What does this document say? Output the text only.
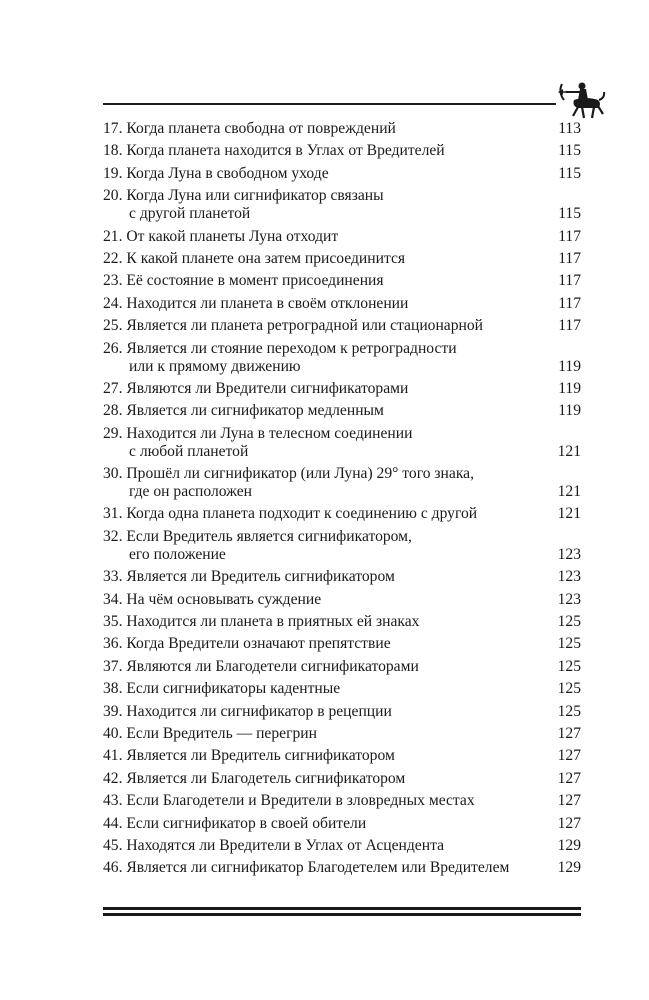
17. Когда планета свободна от повреждений	113
18. Когда планета находится в Углах от Вредителей	115
19. Когда Луна в свободном уходе	115
20. Когда Луна или сигнификатор связаны
с другой планетой	115
21. От какой планеты Луна отходит	117
22. К какой планете она затем присоединится	117
23. Её состояние в момент присоединения	117
24. Находится ли планета в своём отклонении	117
25. Является ли планета ретроградной или стационарной	117
26. Является ли стояние переходом к ретроградности
или к прямому движению	119
27. Являются ли Вредители сигнификаторами	119
28. Является ли сигнификатор медленным	119
29. Находится ли Луна в телесном соединении
с любой планетой	121
30. Прошёл ли сигнификатор (или Луна) 29° того знака,
где он расположен	121
31. Когда одна планета подходит к соединению с другой	121
32. Если Вредитель является сигнификатором,
его положение	123
33. Является ли Вредитель сигнификатором	123
34. На чём основывать суждение	123
35. Находится ли планета в приятных ей знаках	125
36. Когда Вредители означают препятствие	125
37. Являются ли Благодетели сигнификаторами	125
38. Если сигнификаторы кадентные	125
39. Находится ли сигнификатор в рецепции	125
40. Если Вредитель — перегрин	127
41. Является ли Вредитель сигнификатором	127
42. Является ли Благодетель сигнификатором	127
43. Если Благодетели и Вредители в зловредных местах	127
44. Если сигнификатор в своей обители	127
45. Находятся ли Вредители в Углах от Асцендента	129
46. Является ли сигнификатор Благодетелем или Вредителем	129
